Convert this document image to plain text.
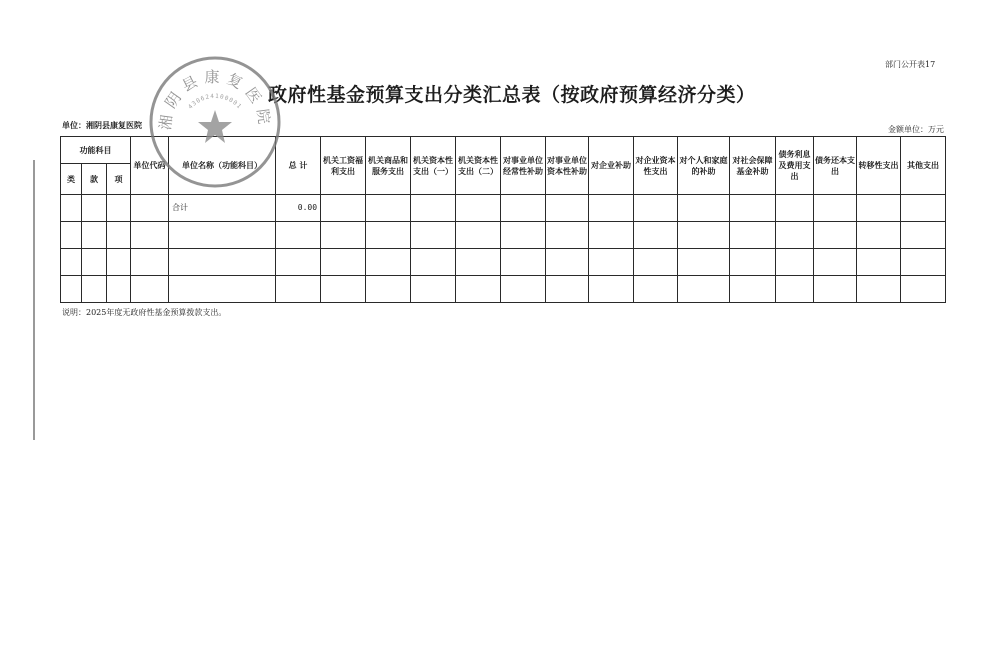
部门公开表17
政府性基金预算支出分类汇总表（按政府预算经济分类）
单位：湘阴县康复医院	金额单位：万元
功能科目			单位代码	单位名称（功能科目）	总 计	机关工资福利支出	机关商品和服务支出	机关资本性支出（一）	机关资本性支出（二）	对事业单位经常性补助	对事业单位资本性补助	对企业补助	对企业资本性支出	对个人和家庭的补助	对社会保障基金补助	债务利息及费用支出	债务还本支出	转移性支出	其他支出
类	款	项																	
				合计	0.00														

说明：2025年度无政府性基金预算拨款支出。
湘阴县康复医院
430624100001
